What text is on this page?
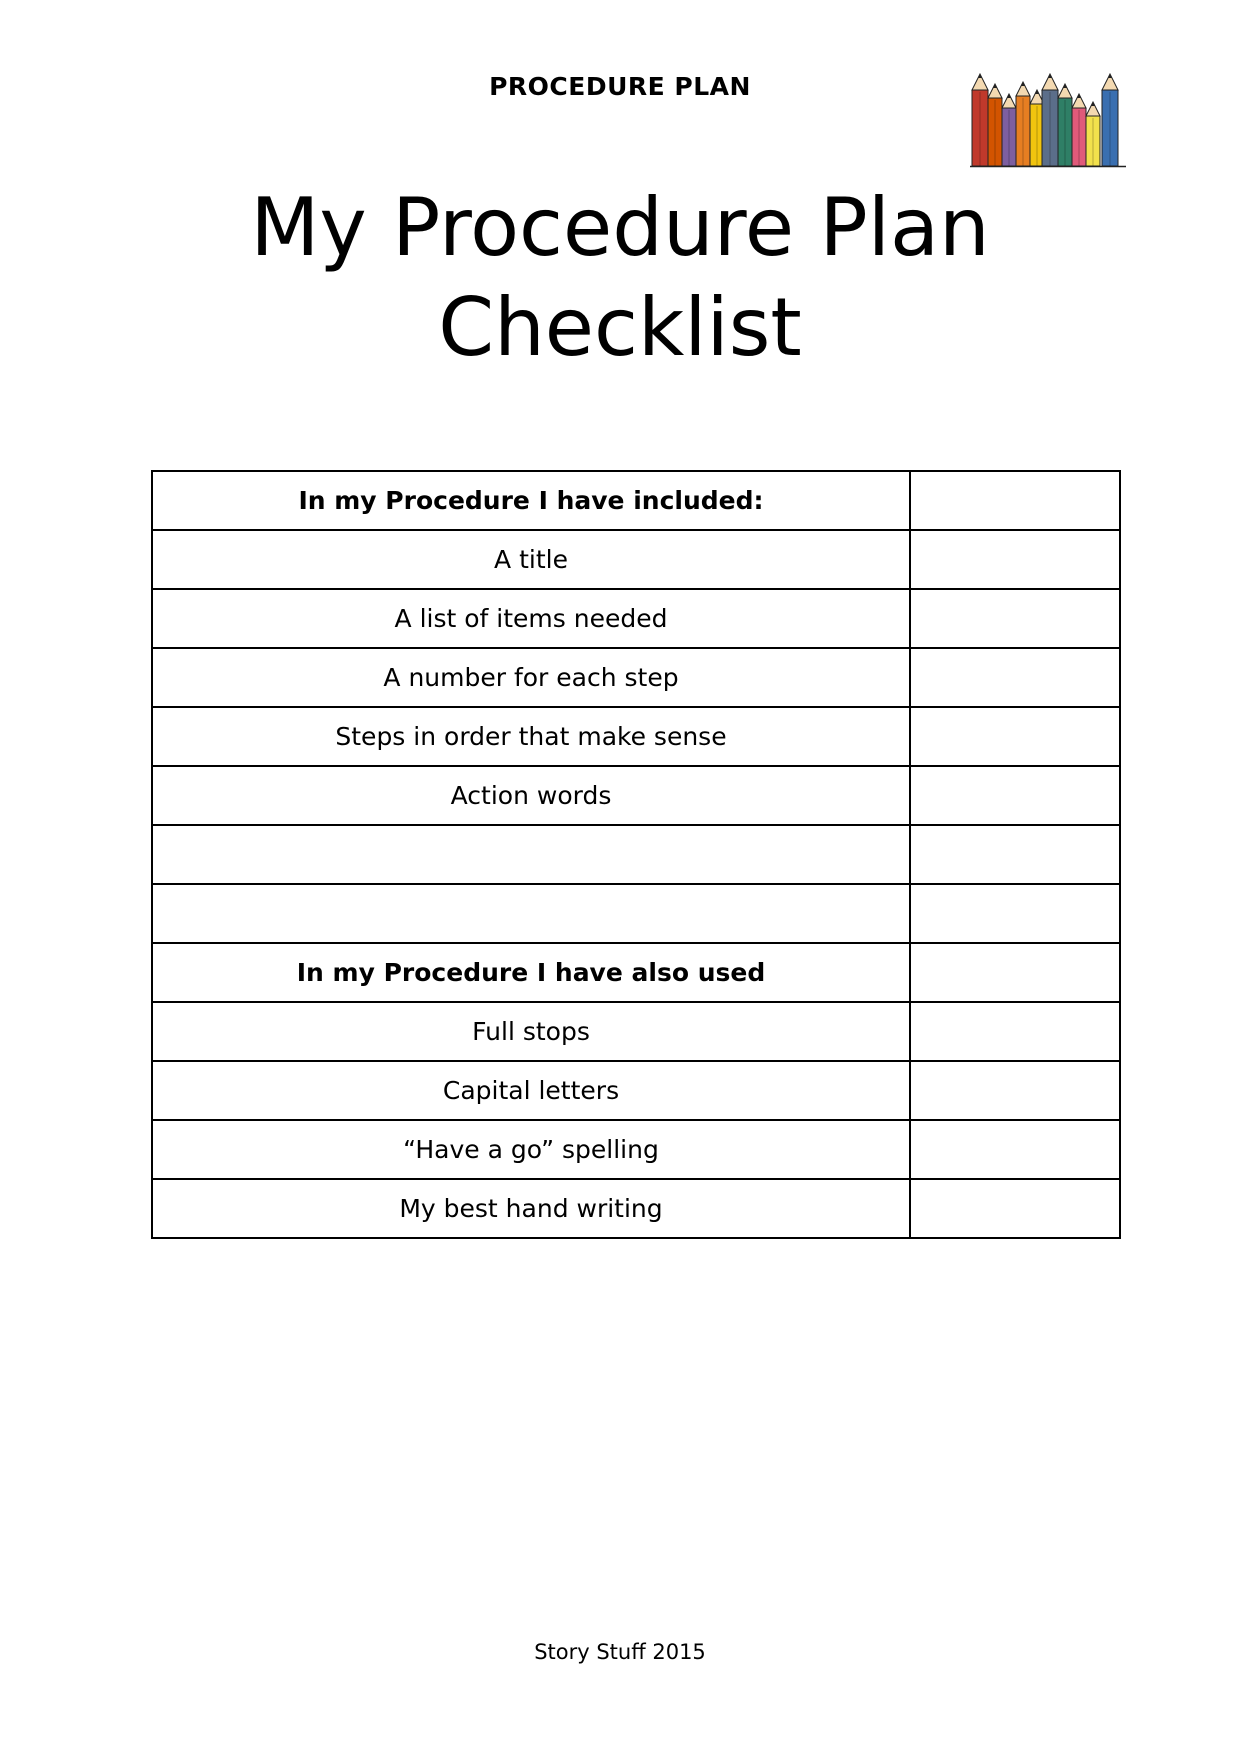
PROCEDURE PLAN
My Procedure Plan
Checklist
In my Procedure I have included:	
A title	
A list of items needed	
A number for each step	
Steps in order that make sense	
Action words	

In my Procedure I have also used	
Full stops	
Capital letters	
“Have a go” spelling	
My best hand writing	
Story Stuff 2015
